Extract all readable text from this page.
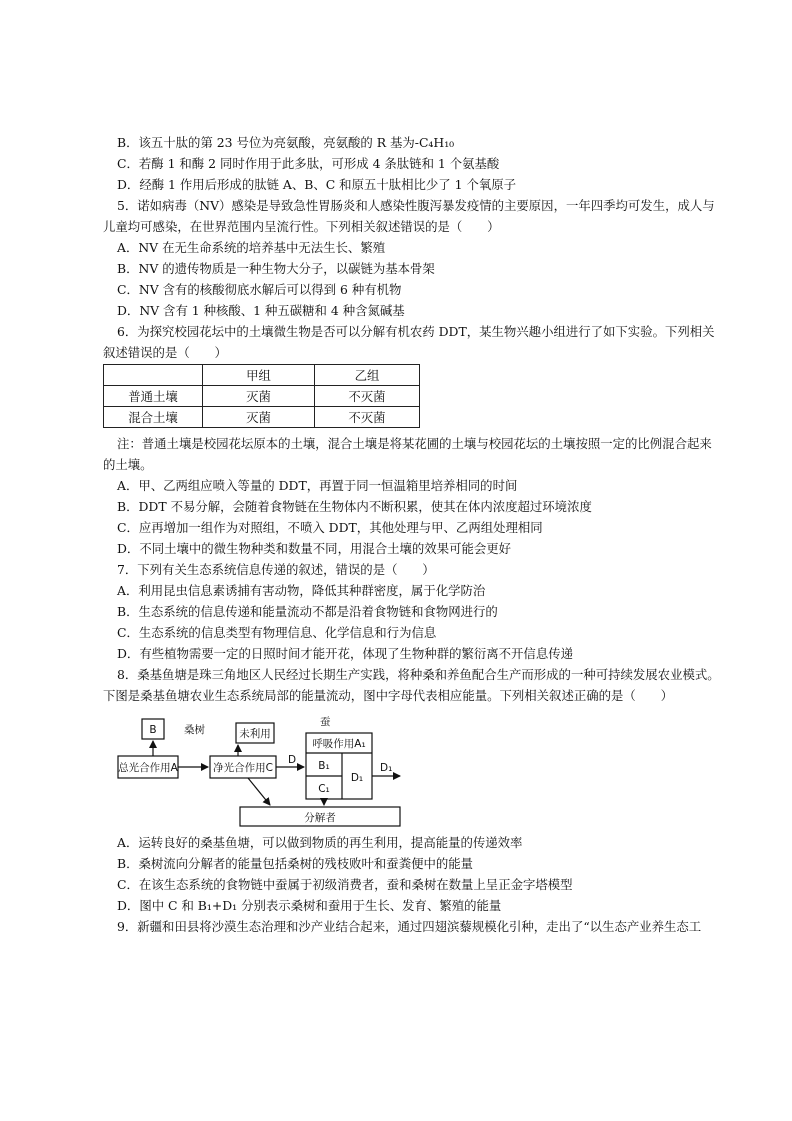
B．该五十肽的第 23 号位为亮氨酸，亮氨酸的 R 基为-C₄H₁₀
C．若酶 1 和酶 2 同时作用于此多肽，可形成 4 条肽链和 1 个氨基酸
D．经酶 1 作用后形成的肽链 A、B、C 和原五十肽相比少了 1 个氧原子
5．诺如病毒（NV）感染是导致急性胃肠炎和人感染性腹泻暴发疫情的主要原因，一年四季均可发生，成人与
儿童均可感染，在世界范围内呈流行性。下列相关叙述错误的是（　　）
A．NV 在无生命系统的培养基中无法生长、繁殖
B．NV 的遗传物质是一种生物大分子，以碳链为基本骨架
C．NV 含有的核酸彻底水解后可以得到 6 种有机物
D．NV 含有 1 种核酸、1 种五碳糖和 4 种含氮碱基
6．为探究校园花坛中的土壤微生物是否可以分解有机农药 DDT，某生物兴趣小组进行了如下实验。下列相关
叙述错误的是（　　）
	甲组	乙组
普通土壤	灭菌	不灭菌
混合土壤	灭菌	不灭菌
注：普通土壤是校园花坛原本的土壤，混合土壤是将某花圃的土壤与校园花坛的土壤按照一定的比例混合起来
的土壤。
A．甲、乙两组应喷入等量的 DDT，再置于同一恒温箱里培养相同的时间
B．DDT 不易分解，会随着食物链在生物体内不断积累，使其在体内浓度超过环境浓度
C．应再增加一组作为对照组，不喷入 DDT，其他处理与甲、乙两组处理相同
D．不同土壤中的微生物种类和数量不同，用混合土壤的效果可能会更好
7．下列有关生态系统信息传递的叙述，错误的是（　　）
A．利用昆虫信息素诱捕有害动物，降低其种群密度，属于化学防治
B．生态系统的信息传递和能量流动不都是沿着食物链和食物网进行的
C．生态系统的信息类型有物理信息、化学信息和行为信息
D．有些植物需要一定的日照时间才能开花，体现了生物种群的繁衍离不开信息传递
8．桑基鱼塘是珠三角地区人民经过长期生产实践，将种桑和养鱼配合生产而形成的一种可持续发展农业模式。
下图是桑基鱼塘农业生态系统局部的能量流动，图中字母代表相应能量。下列相关叙述正确的是（　　）
B	桑树	未利用
蚕
总光合作用A	净光合作用C
D
呼吸作用A₁
B₁
C₁
D₁
D₁
分解者
A．运转良好的桑基鱼塘，可以做到物质的再生利用，提高能量的传递效率
B．桑树流向分解者的能量包括桑树的残枝败叶和蚕粪便中的能量
C．在该生态系统的食物链中蚕属于初级消费者，蚕和桑树在数量上呈正金字塔模型
D．图中 C 和 B₁+D₁ 分别表示桑树和蚕用于生长、发育、繁殖的能量
9．新疆和田县将沙漠生态治理和沙产业结合起来，通过四翅滨藜规模化引种，走出了“以生态产业养生态工
